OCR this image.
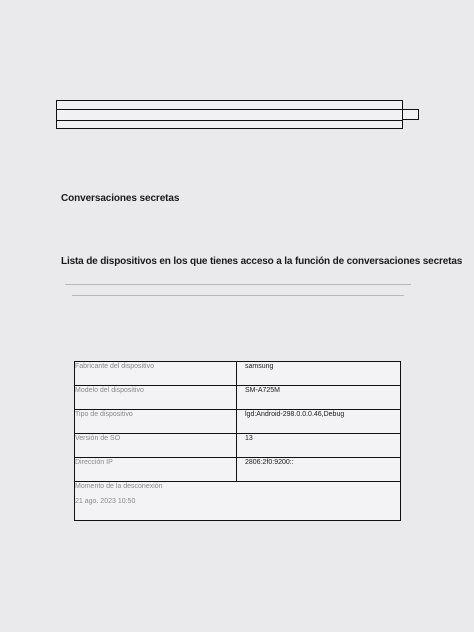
Conversaciones secretas
Lista de dispositivos en los que tienes acceso a la función de conversaciones secretas
Fabricante del dispositivo	samsung
Modelo del dispositivo	SM-A725M
Tipo de dispositivo	lgd:Android-298.0.0.0.46,Debug
Versión de SO	13
Dirección IP	2806:2f0:9200::
Momento de la desconexión
21 ago. 2023 10:50
